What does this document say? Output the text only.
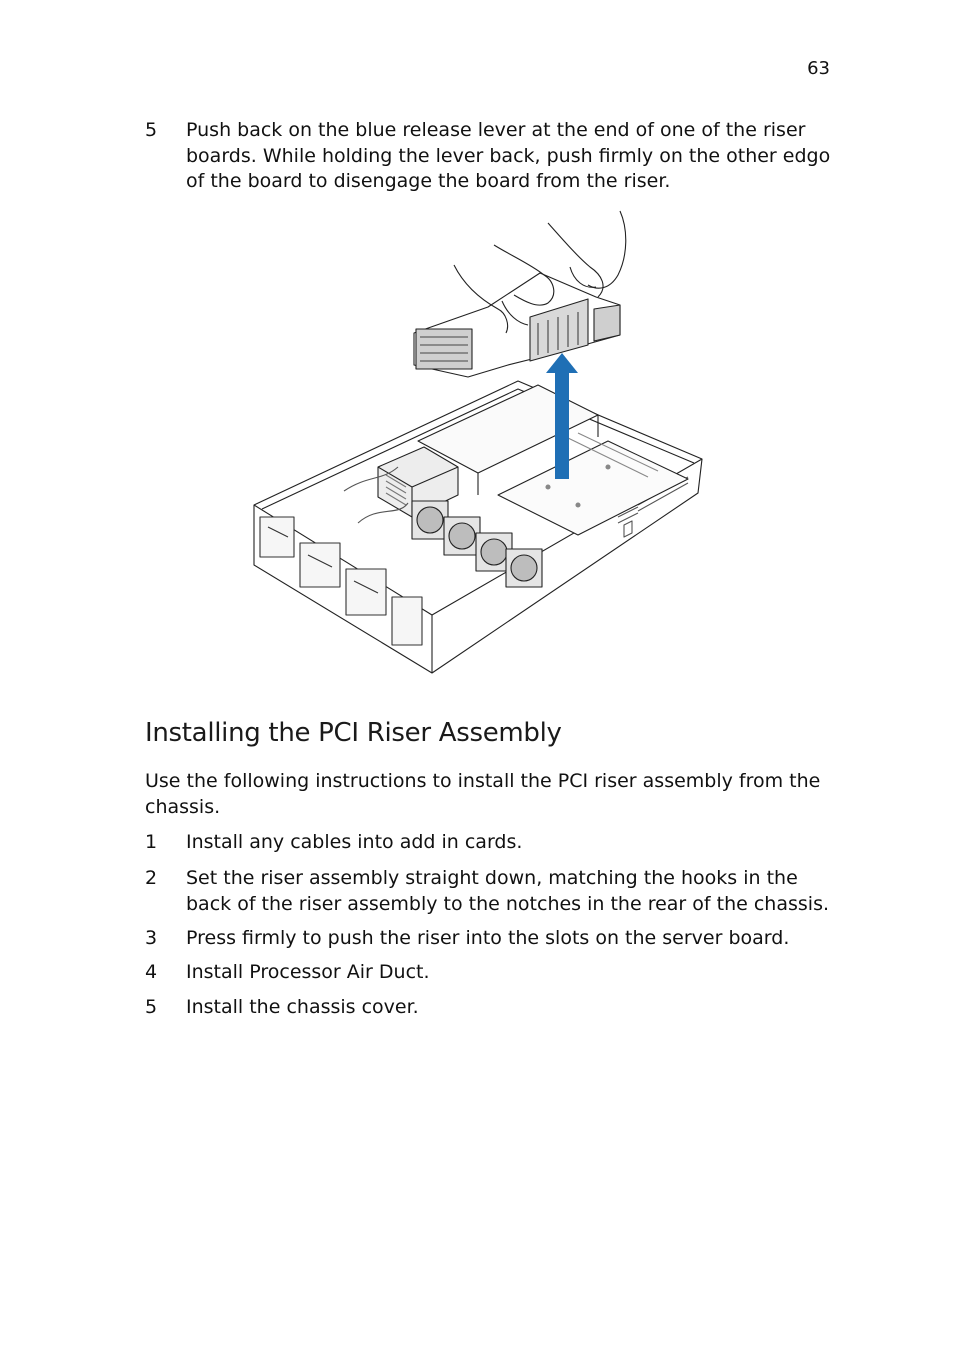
63
5	Push back on the blue release lever at the end of one of the riser boards. While holding the lever back, push firmly on the other edgo of the board to disengage the board from the riser.
Installing the PCI Riser Assembly

Use the following instructions to install the PCI riser assembly from the chassis.

1	Install any cables into add in cards.
2	Set the riser assembly straight down, matching the hooks in the back of the riser assembly to the notches in the rear of the chassis.
3	Press firmly to push the riser into the slots on the server board.
4	Install Processor Air Duct.
5	Install the chassis cover.
